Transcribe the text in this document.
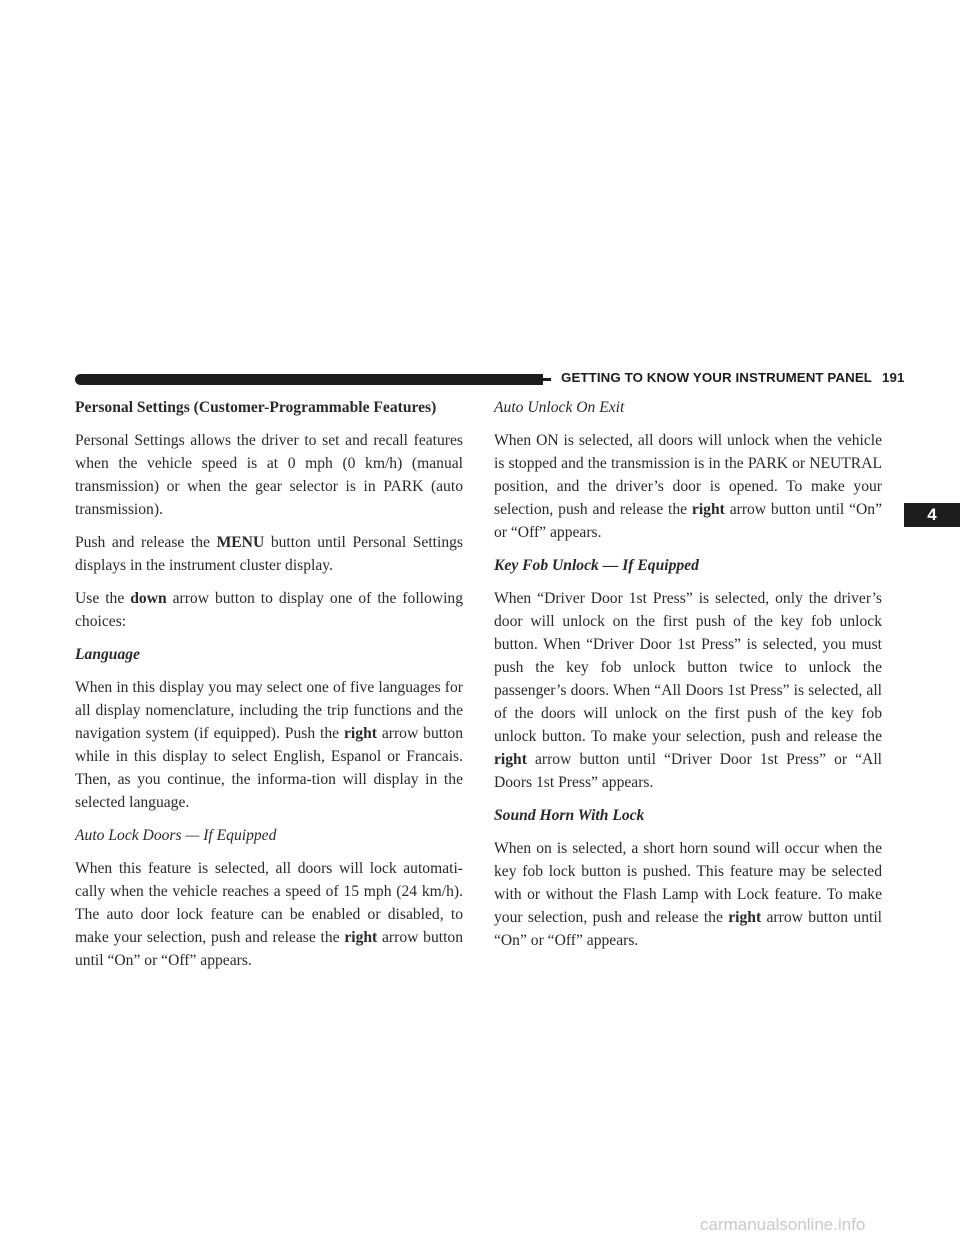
GETTING TO KNOW YOUR INSTRUMENT PANEL 191
4
Personal Settings (Customer-Programmable Features)

Personal Settings allows the driver to set and recall features when the vehicle speed is at 0 mph (0 km/h) (manual transmission) or when the gear selector is in PARK (auto transmission).

Push and release the MENU button until Personal Settings displays in the instrument cluster display.

Use the down arrow button to display one of the following choices:

Language

When in this display you may select one of five languages for all display nomenclature, including the trip functions and the navigation system (if equipped). Push the right arrow button while in this display to select English, Espanol or Francais. Then, as you continue, the informa-tion will display in the selected language.

Auto Lock Doors — If Equipped

When this feature is selected, all doors will lock automati-cally when the vehicle reaches a speed of 15 mph (24 km/h). The auto door lock feature can be enabled or disabled, to make your selection, push and release the right arrow button until “On” or “Off” appears.

Auto Unlock On Exit

When ON is selected, all doors will unlock when the vehicle is stopped and the transmission is in the PARK or NEUTRAL position, and the driver’s door is opened. To make your selection, push and release the right arrow button until “On” or “Off” appears.

Key Fob Unlock — If Equipped

When “Driver Door 1st Press” is selected, only the driver’s door will unlock on the first push of the key fob unlock button. When “Driver Door 1st Press” is selected, you must push the key fob unlock button twice to unlock the passenger’s doors. When “All Doors 1st Press” is selected, all of the doors will unlock on the first push of the key fob unlock button. To make your selection, push and release the right arrow button until “Driver Door 1st Press” or “All Doors 1st Press” appears.

Sound Horn With Lock

When on is selected, a short horn sound will occur when the key fob lock button is pushed. This feature may be selected with or without the Flash Lamp with Lock feature. To make your selection, push and release the right arrow button until “On” or “Off” appears.

carmanualsonline.info
